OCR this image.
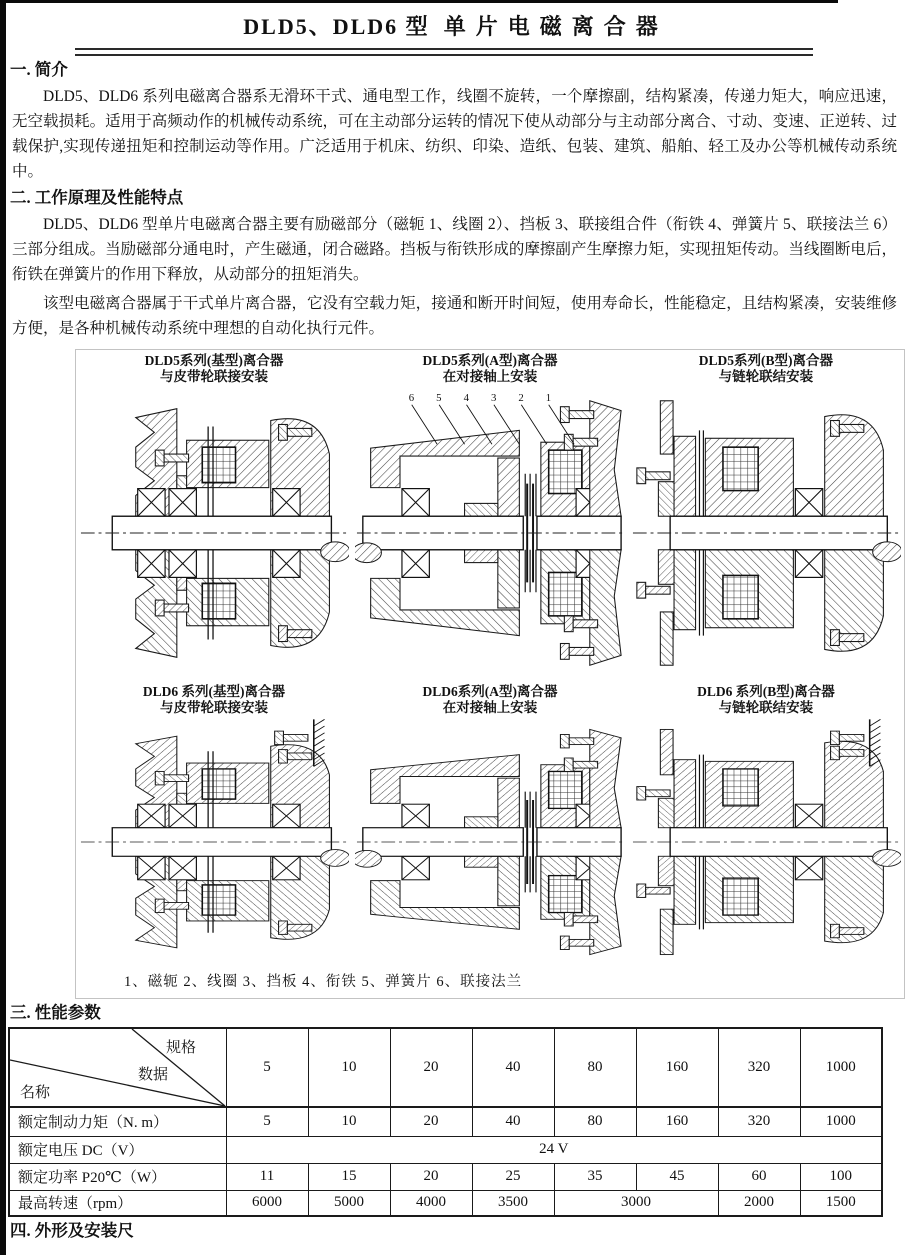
DLD5、DLD6 型 单片电磁离合器
一. 简介

DLD5、DLD6 系列电磁离合器系无滑环干式、通电型工作，线圈不旋转，一个摩擦副，结构紧凑，传递力矩大，响应迅速，无空载损耗。适用于高频动作的机械传动系统，可在主动部分运转的情况下使从动部分与主动部分离合、寸动、变速、正逆转、过载保护,实现传递扭矩和控制运动等作用。广泛适用于机床、纺织、印染、造纸、包装、建筑、船舶、轻工及办公等机械传动系统中。

二. 工作原理及性能特点

DLD5、DLD6 型单片电磁离合器主要有励磁部分（磁轭 1、线圈 2）、挡板 3、联接组合件（衔铁 4、弹簧片 5、联接法兰 6）三部分组成。当励磁部分通电时，产生磁通，闭合磁路。挡板与衔铁形成的摩擦副产生摩擦力矩，实现扭矩传动。当线圈断电后，衔铁在弹簧片的作用下释放，从动部分的扭矩消失。

该型电磁离合器属于干式单片离合器，它没有空载力矩，接通和断开时间短，使用寿命长，性能稳定，且结构紧凑，安装维修方便，是各种机械传动系统中理想的自动化执行元件。

DLD5系列(基型)离合器
与皮带轮联接安装
DLD5系列(A型)离合器
在对接轴上安装
6 5 4 3 2 1
DLD5系列(B型)离合器
与链轮联结安装
DLD6 系列(基型)离合器
与皮带轮联接安装
DLD6系列(A型)离合器
在对接轴上安装
DLD6 系列(B型)离合器
与链轮联结安装
1、磁轭 2、线圈 3、挡板 4、衔铁 5、弹簧片 6、联接法兰
三. 性能参数
规格
数据
名称	5	10	20	40	80	160	320	1000
额定制动力矩（N. m）	5	10	20	40	80	160	320	1000
额定电压 DC（V）	24 V							
额定功率 P20℃（W）	11	15	20	25	35	45	60	100
最高转速（rpm）	6000	5000	4000	3500	3000		2000	1500
四. 外形及安装尺
